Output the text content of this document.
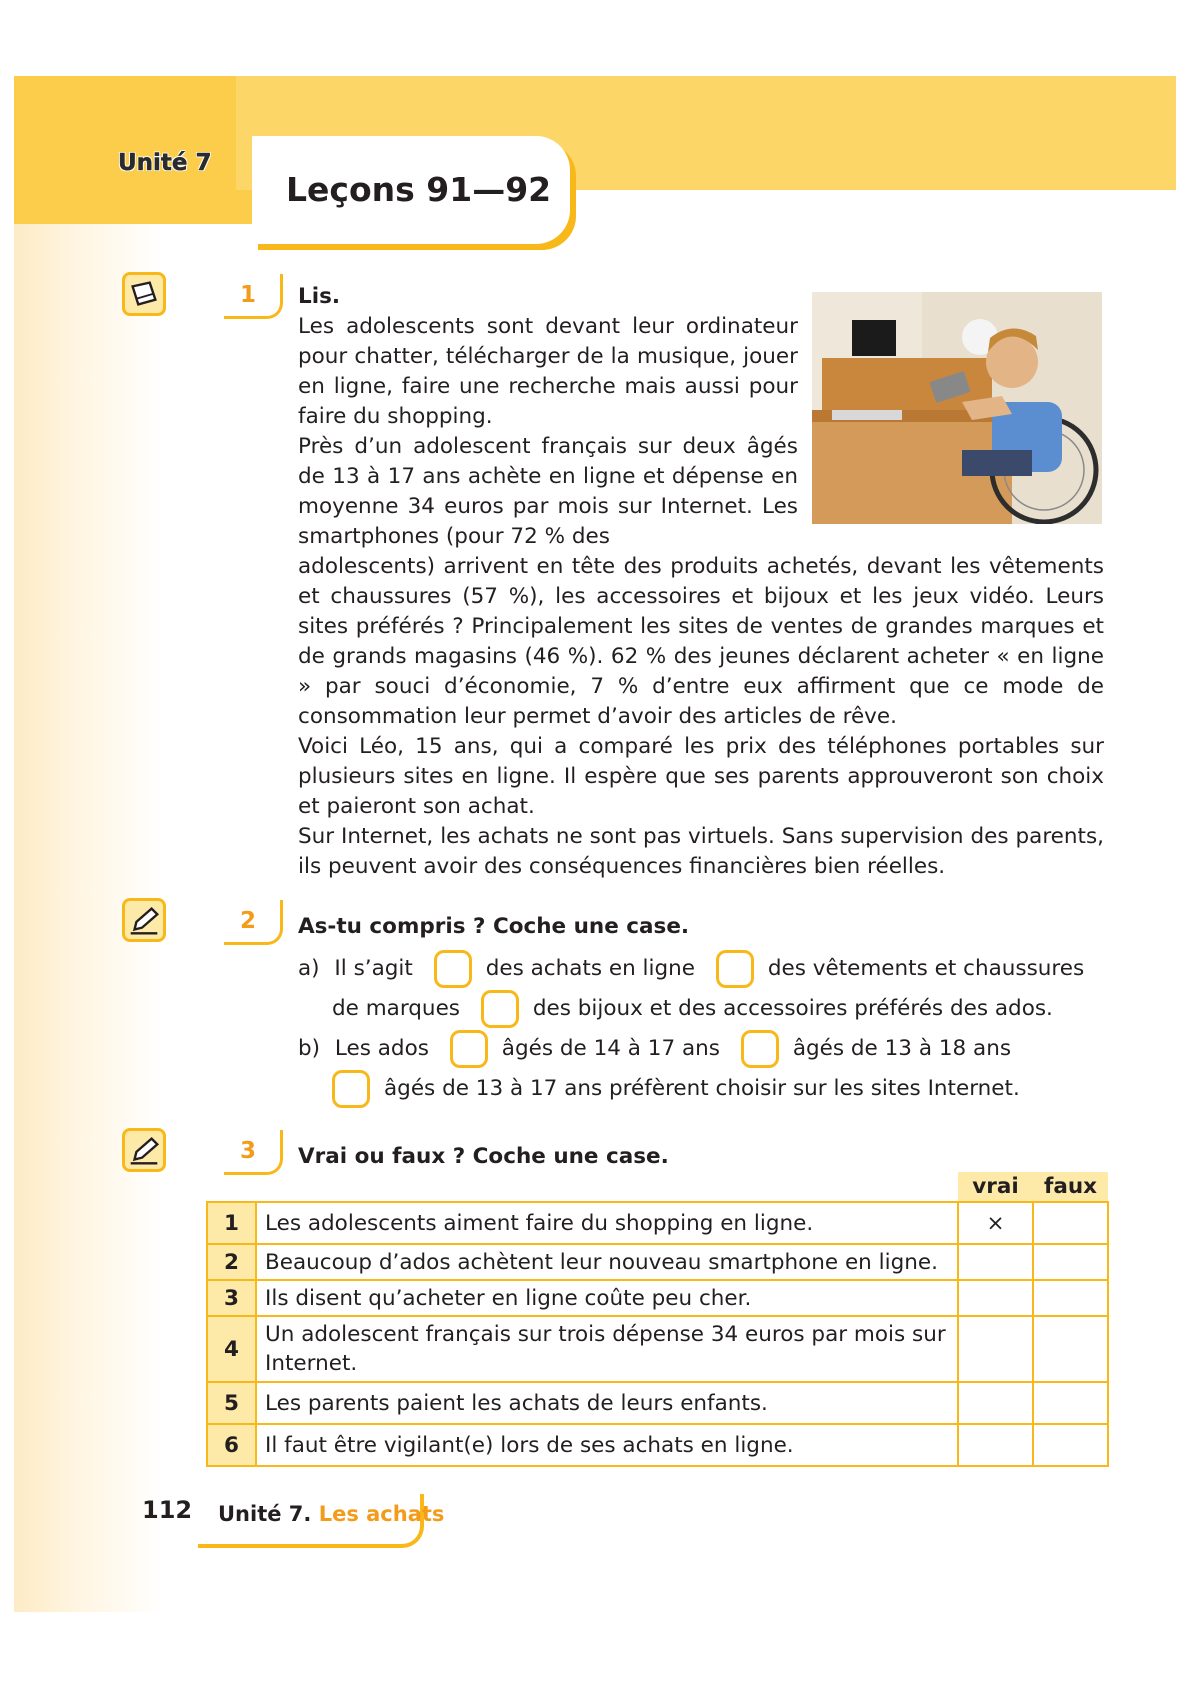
Unité 7
Leçons 91—92
1 Lis.
Les adolescents sont devant leur ordinateur pour chatter, télécharger de la musique, jouer en ligne, faire une recherche mais aussi pour faire du shopping.
Près d’un adolescent français sur deux âgés de 13 à 17 ans achète en ligne et dépense en moyenne 34 euros par mois sur Internet. Les smartphones (pour 72 % des
adolescents) arrivent en tête des produits achetés, devant les vêtements et chaussures (57 %), les accessoires et bijoux et les jeux vidéo. Leurs sites préférés ? Principalement les sites de ventes de grandes marques et de grands magasins (46 %). 62 % des jeunes déclarent acheter « en ligne » par souci d’économie, 7 % d’entre eux affirment que ce mode de consommation leur permet d’avoir des articles de rêve.
Voici Léo, 15 ans, qui a comparé les prix des téléphones portables sur plusieurs sites en ligne. Il espère que ses parents approuveront son choix et paieront son achat.
Sur Internet, les achats ne sont pas virtuels. Sans supervision des parents, ils peuvent avoir des conséquences financières bien réelles.
2 As-tu compris ? Coche une case.
a) Il s’agit	des achats en ligne	des vêtements et chaussures
de marques	des bijoux et des accessoires préférés des ados.
b) Les ados	âgés de 14 à 17 ans	âgés de 13 à 18 ans
âgés de 13 à 17 ans préfèrent choisir sur les sites Internet.
3 Vrai ou faux ? Coche une case.
		vrai	faux
1	Les adolescents aiment faire du shopping en ligne.	×	
2	Beaucoup d’ados achètent leur nouveau smartphone en ligne.		
3	Ils disent qu’acheter en ligne coûte peu cher.		
4	Un adolescent français sur trois dépense 34 euros par mois sur Internet.		
5	Les parents paient les achats de leurs enfants.		
6	Il faut être vigilant(e) lors de ses achats en ligne.		
112 Unité 7. Les achats
